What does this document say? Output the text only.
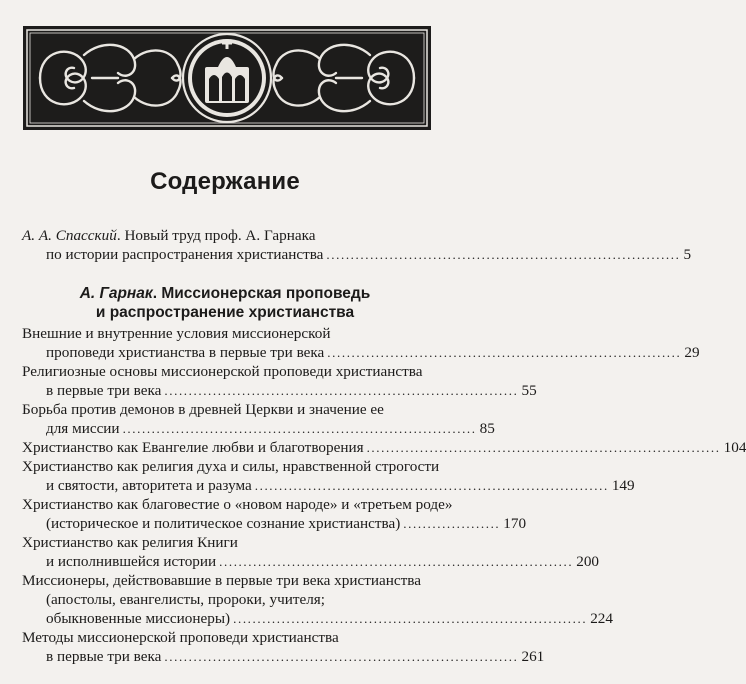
Содержание
А. А. Спасский. Новый труд проф. А. Гарнака
по истории распространения христианства ......................................................................... 5
А. Гарнак. Миссионерская проповедь
и распространение христианства
Внешние и внутренние условия миссионерской
проповеди христианства в первые три века ......................................................................... 29
Религиозные основы миссионерской проповеди христианства
в первые три века ......................................................................... 55
Борьба против демонов в древней Церкви и значение ее
для миссии ......................................................................... 85
Христианство как Евангелие любви и благотворения ......................................................................... 104
Христианство как религия духа и силы, нравственной строгости
и святости, авторитета и разума ......................................................................... 149
Христианство как благовестие о «новом народе» и «третьем роде»
(историческое и политическое сознание христианства) .................... 170
Христианство как религия Книги
и исполнившейся истории ......................................................................... 200
Миссионеры, действовавшие в первые три века христианства
(апостолы, евангелисты, пророки, учителя;
обыкновенные миссионеры) ......................................................................... 224
Методы миссионерской проповеди христианства
в первые три века ......................................................................... 261
